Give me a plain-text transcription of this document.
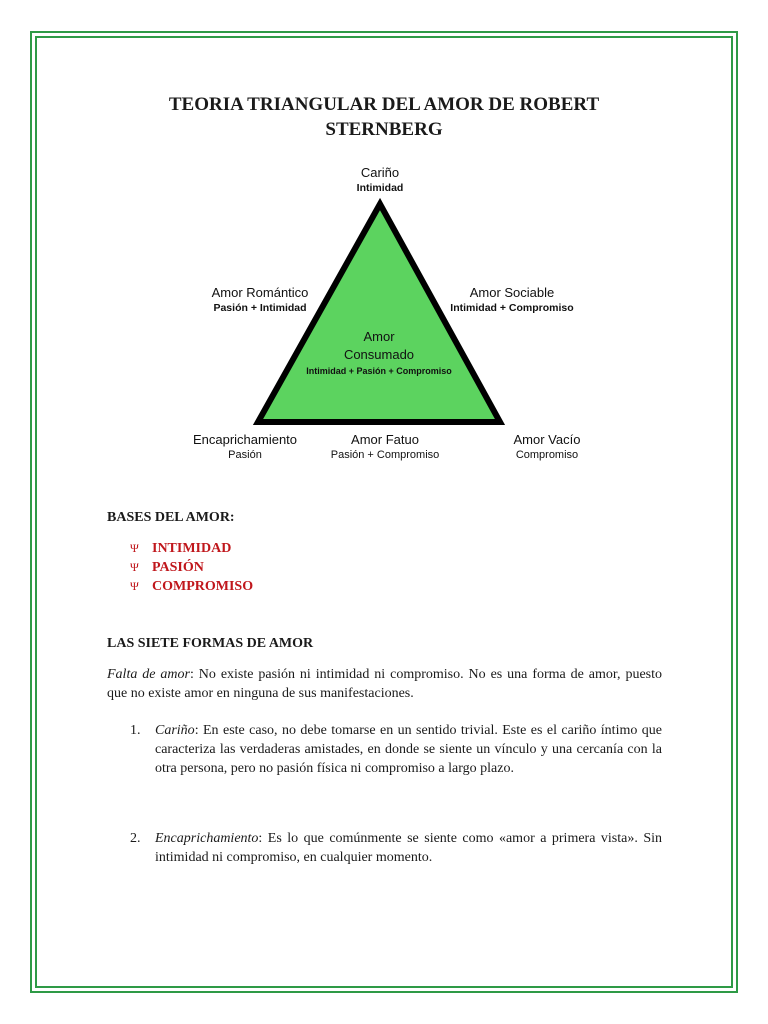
TEORIA TRIANGULAR DEL AMOR DE ROBERT
STERNBERG
Cariño
Intimidad
Amor Romántico
Pasión + Intimidad
Amor Sociable
Intimidad + Compromiso
Amor
Consumado
Intimidad + Pasión + Compromiso
Encaprichamiento
Pasión
Amor Fatuo
Pasión + Compromiso
Amor Vacío
Compromiso
BASES DEL AMOR:
Ψ INTIMIDAD
Ψ PASIÓN
Ψ COMPROMISO
LAS SIETE FORMAS DE AMOR
Falta de amor: No existe pasión ni intimidad ni compromiso. No es una forma de amor, puesto que no existe amor en ninguna de sus manifestaciones.
1. Cariño: En este caso, no debe tomarse en un sentido trivial. Este es el cariño íntimo que caracteriza las verdaderas amistades, en donde se siente un vínculo y una cercanía con la otra persona, pero no pasión física ni compromiso a largo plazo.
2. Encaprichamiento: Es lo que comúnmente se siente como «amor a primera vista». Sin intimidad ni compromiso, en cualquier momento.
